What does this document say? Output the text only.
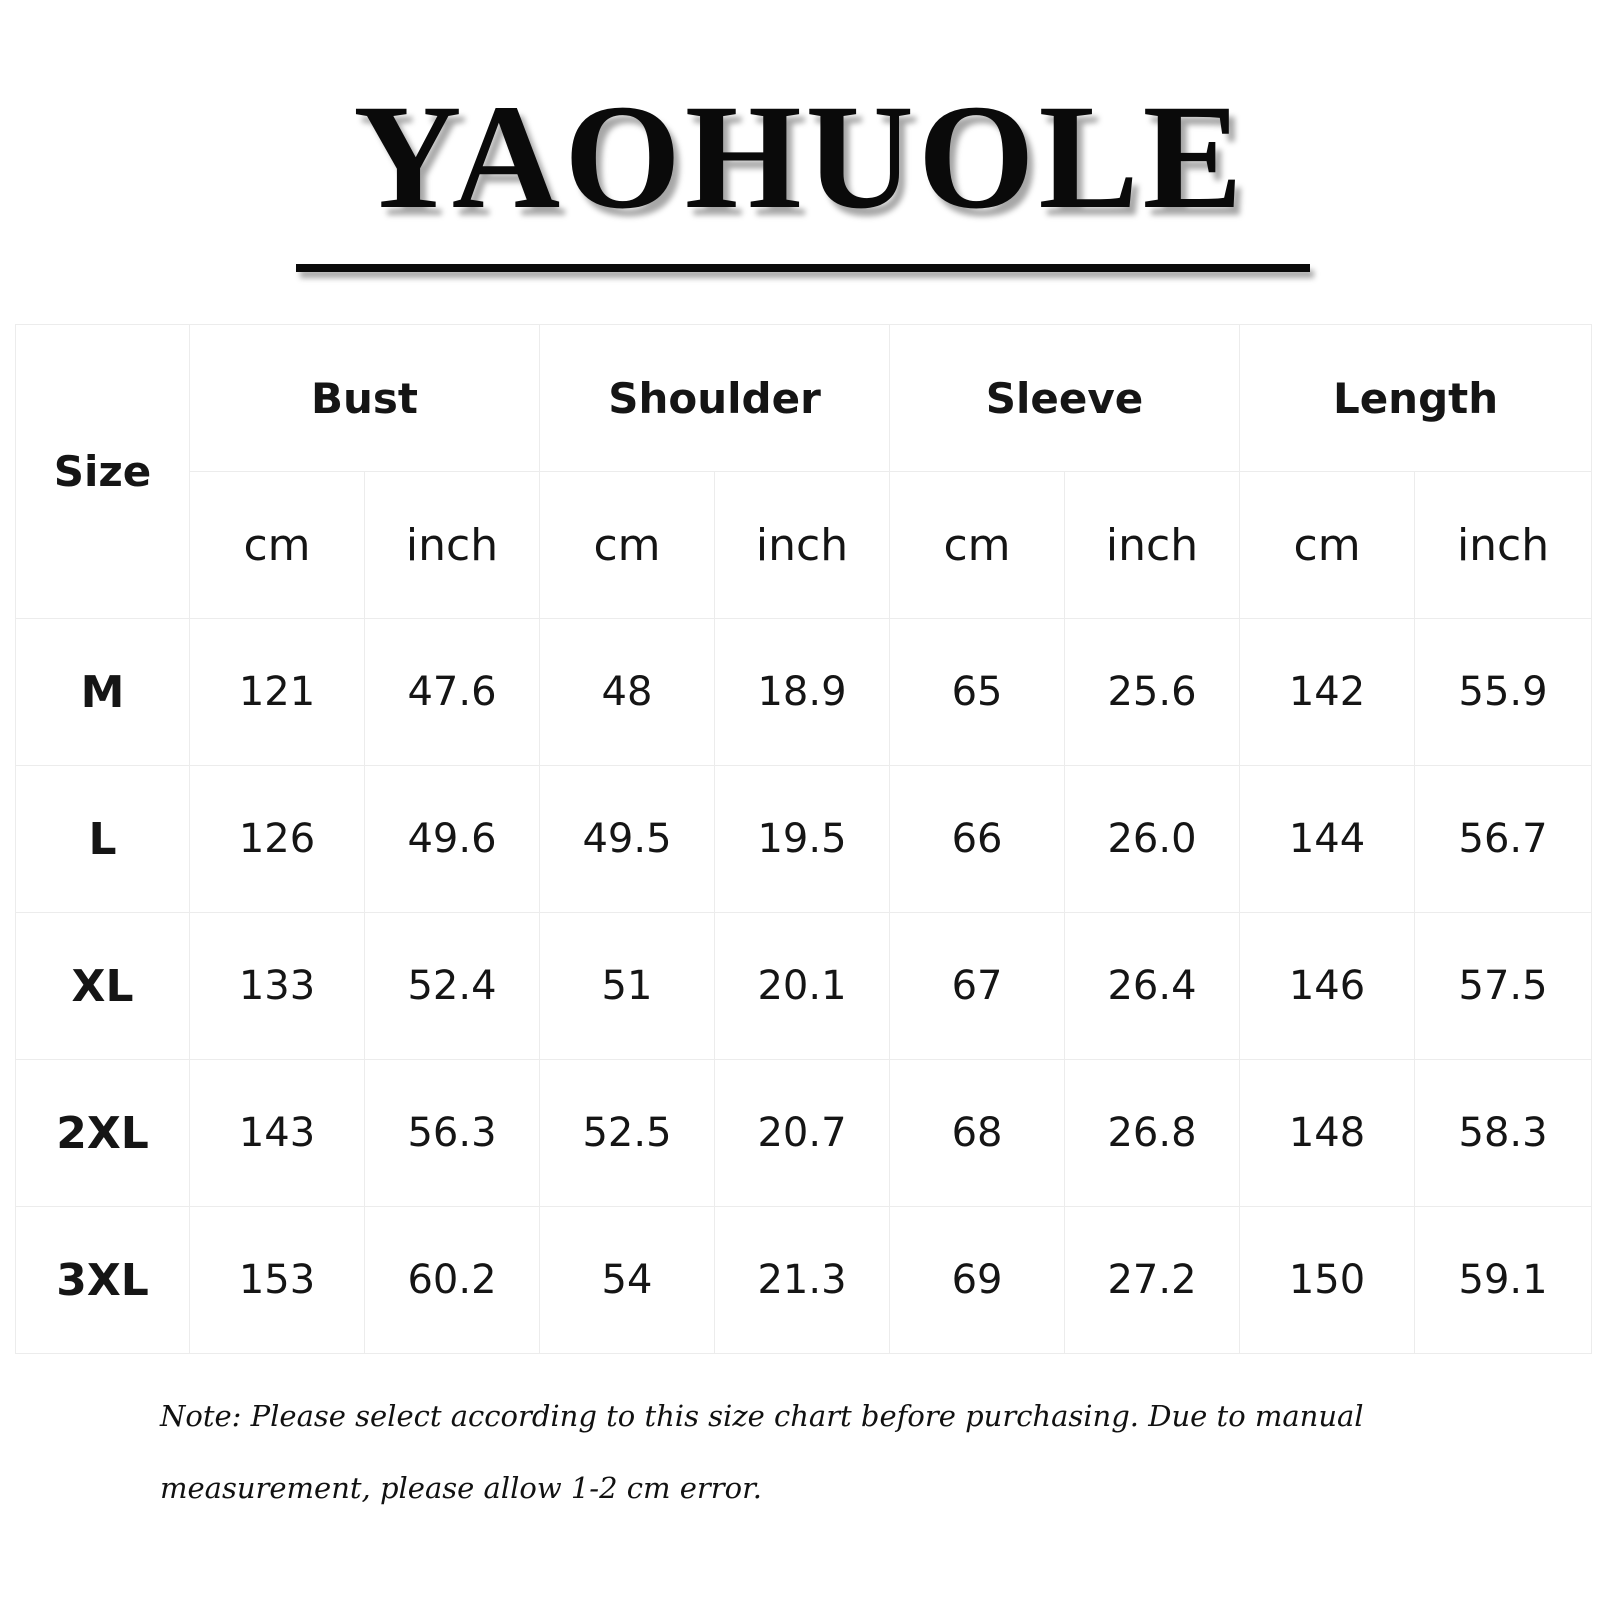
YAOHUOLE
Size	Bust		Shoulder		Sleeve		Length	
	cm	inch	cm	inch	cm	inch	cm	inch
M	121	47.6	48	18.9	65	25.6	142	55.9
L	126	49.6	49.5	19.5	66	26.0	144	56.7
XL	133	52.4	51	20.1	67	26.4	146	57.5
2XL	143	56.3	52.5	20.7	68	26.8	148	58.3
3XL	153	60.2	54	21.3	69	27.2	150	59.1
Note: Please select according to this size chart before purchasing. Due to manual measurement, please allow 1-2 cm error.
